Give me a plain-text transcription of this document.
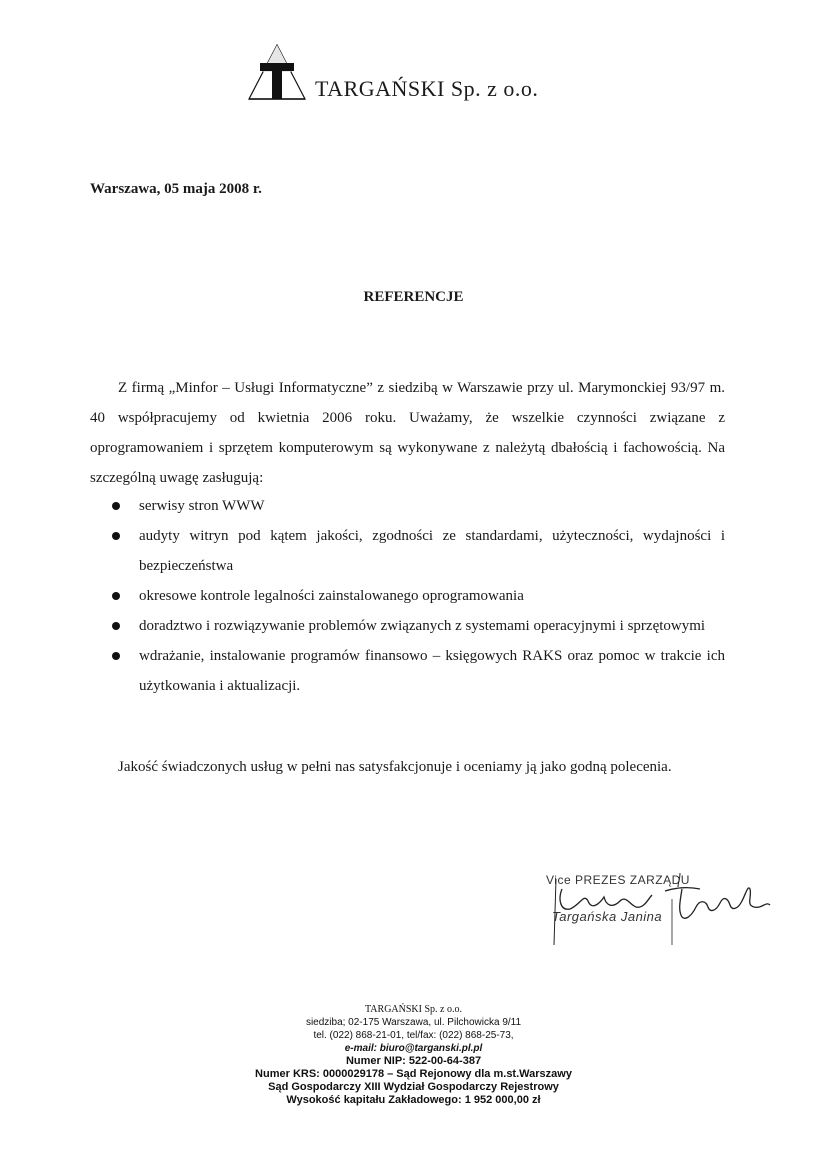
TARGAŃSKI Sp. z o.o.
Warszawa, 05 maja 2008 r.
REFERENCJE
Z firmą „Minfor – Usługi Informatyczne” z siedzibą w Warszawie przy ul. Marymonckiej 93/97 m. 40 współpracujemy od kwietnia 2006 roku. Uważamy, że wszelkie czynności związane z oprogramowaniem i sprzętem komputerowym są wykonywane z należytą dbałością i fachowością. Na szczególną uwagę zasługują:
serwisy stron WWW
audyty witryn pod kątem jakości, zgodności ze standardami, użyteczności, wydajności i bezpieczeństwa
okresowe kontrole legalności zainstalowanego oprogramowania
doradztwo i rozwiązywanie problemów związanych z systemami operacyjnymi i sprzętowymi
wdrażanie, instalowanie programów finansowo – księgowych RAKS oraz pomoc w trakcie ich użytkowania i aktualizacji.
Jakość świadczonych usług w pełni nas satysfakcjonuje i oceniamy ją jako godną polecenia.
Vice PREZES ZARZĄDU
Targańska Janina
TARGAŃSKI Sp. z o.o.
siedziba; 02-175 Warszawa, ul. Pilchowicka 9/11
tel. (022) 868-21-01, tel/fax: (022) 868-25-73,
e-mail: biuro@targanski.pl.pl
Numer NIP: 522-00-64-387
Numer KRS: 0000029178 – Sąd Rejonowy dla m.st.Warszawy
Sąd Gospodarczy XIII Wydział Gospodarczy Rejestrowy
Wysokość kapitału Zakładowego: 1 952 000,00 zł
